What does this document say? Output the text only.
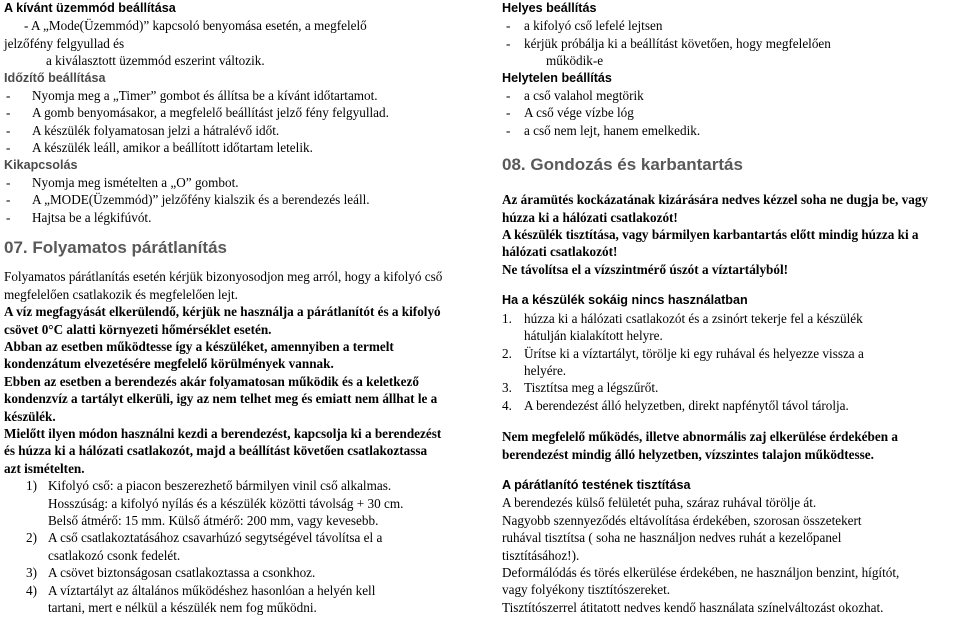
A kívánt üzemmód beállítása

- A „Mode(Üzemmód)” kapcsoló benyomása esetén, a megfelelő

jelzőfény felgyullad és

a kiválasztott üzemmód eszerint változik.

Időzítő beállítása

- Nyomja meg a „Timer” gombot és állítsa be a kívánt időtartamot.
- A gomb benyomásakor, a megfelelő beállítást jelző fény felgyullad.
- A készülék folyamatosan jelzi a hátralévő időt.
- A készülék leáll, amikor a beállított időtartam letelik.

Kikapcsolás

- Nyomja meg ismételten a „O” gombot.
- A „MODE(Üzemmód)” jelzőfény kialszik és a berendezés leáll.
- Hajtsa be a légkifúvót.
07. Folyamatos párátlanítás

Folyamatos párátlanítás esetén kérjük bizonyosodjon meg arról, hogy a kifolyó cső megfelelően csatlakozik és megfelelően lejt.

A víz megfagyását elkerülendő, kérjük ne használja a párátlanítót és a kifolyó csövet 0°C alatti környezeti hőmérséklet esetén.

Abban az esetben működtesse így a készüléket, amennyiben a termelt kondenzátum elvezetésére megfelelő körülmények vannak.

Ebben az esetben a berendezés akár folyamatosan működik és a keletkező kondenzvíz a tartályt elkerüli, igy az nem telhet meg és emiatt nem állhat le a készülék.

Mielőtt ilyen módon használni kezdi a berendezést, kapcsolja ki a berendezést és húzza ki a hálózati csatlakozót, majd a beállítást követően csatlakoztassa azt ismételten.

1) Kifolyó cső: a piacon beszerezhető bármilyen vinil cső alkalmas.
Hosszúság: a kifolyó nyílás és a készülék közötti távolság + 30 cm.
Belső átmérő: 15 mm. Külső átmérő: 200 mm, vagy kevesebb.
2) A cső csatlakoztatásához csavarhúzó segytségével távolítsa el a
csatlakozó csonk fedelét.
3) A csövet biztonságosan csatlakoztassa a csonkhoz.
4) A víztartályt az általános működéshez hasonlóan a helyén kell
tartani, mert e nélkül a készülék nem fog működni.

Helyes beállítás

- a kifolyó cső lefelé lejtsen
- kérjük próbálja ki a beállítást követően, hogy megfelelően
működik-e

Helytelen beállítás

- a cső valahol megtörik
- A cső vége vízbe lóg
- a cső nem lejt, hanem emelkedik.
08. Gondozás és karbantartás

Az áramütés kockázatának kizárására nedves kézzel soha ne dugja be, vagy húzza ki a hálózati csatlakozót!

A készülék tisztítása, vagy bármilyen karbantartás előtt mindig húzza ki a hálózati csatlakozót!

Ne távolítsa el a vízszintmérő úszót a víztartályból!

Ha a készülék sokáig nincs használatban

1. húzza ki a hálózati csatlakozót és a zsinórt tekerje fel a készülék
hátulján kialakított helyre.
2. Ürítse ki a víztartályt, törölje ki egy ruhával és helyezze vissza a
helyére.
3. Tisztítsa meg a légszűrőt.
4. A berendezést álló helyzetben, direkt napfénytől távol tárolja.

Nem megfelelő működés, illetve abnormális zaj elkerülése érdekében a berendezést mindig álló helyzetben, vízszintes talajon működtesse.

A párátlanító testének tisztítása

A berendezés külső felületét puha, száraz ruhával törölje át.

Nagyobb szennyeződés eltávolítása érdekében, szorosan összetekert

ruhával tisztítsa ( soha ne használjon nedves ruhát a kezelőpanel

tisztításához!).

Deformálódás és törés elkerülése érdekében, ne használjon benzint, hígítót,

vagy folyékony tisztítószereket.

Tisztítószerrel átitatott nedves kendő használata színelváltozást okozhat.
